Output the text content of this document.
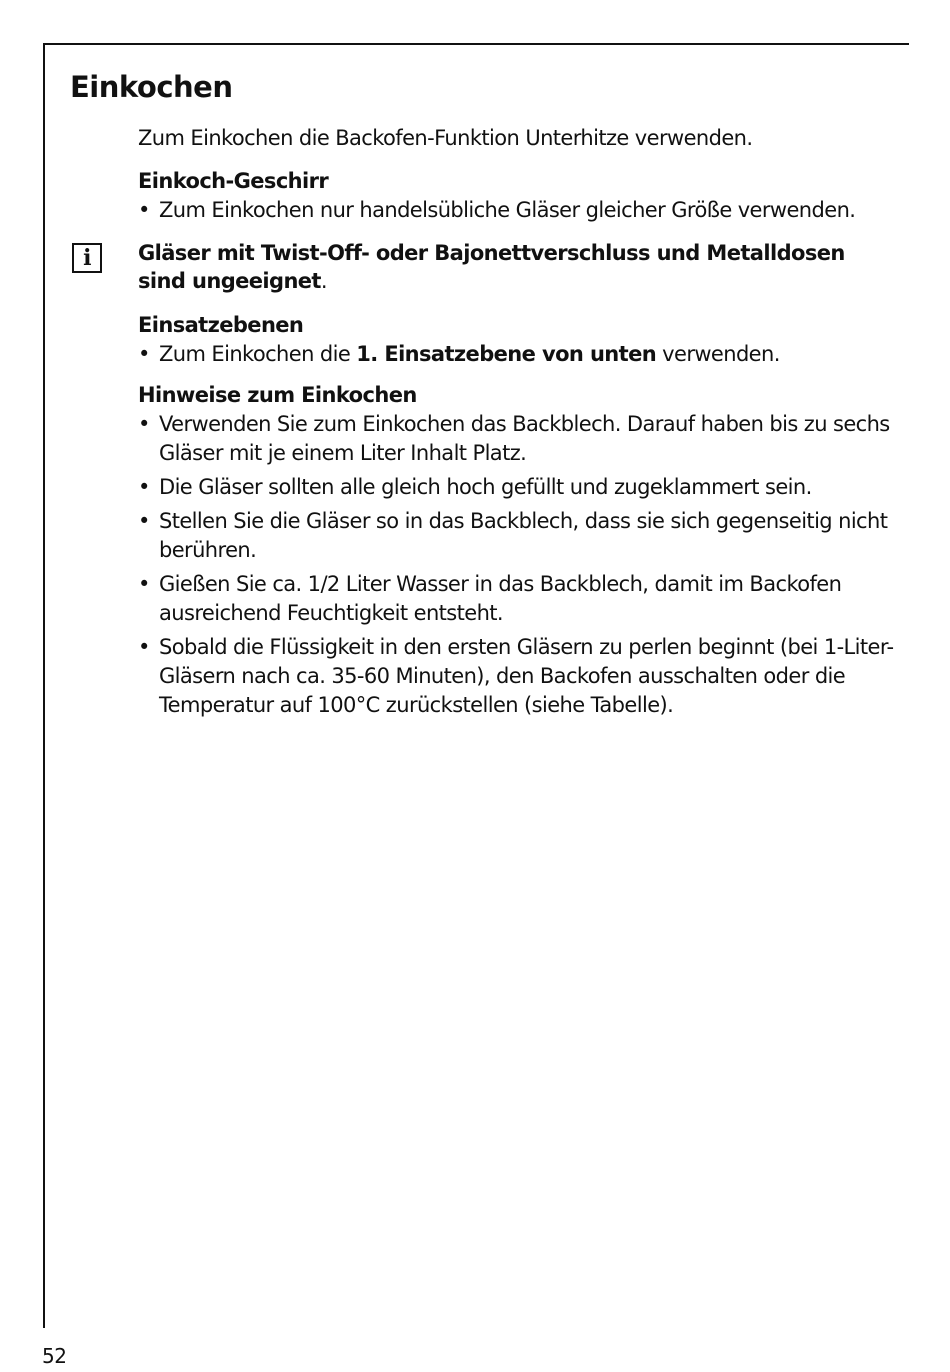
Einkochen

Zum Einkochen die Backofen-Funktion Unterhitze verwenden.

Einkoch-Geschirr

• Zum Einkochen nur handelsübliche Gläser gleicher Größe verwenden.

i	Gläser mit Twist-Off- oder Bajonettverschluss und Metalldosen sind ungeeignet.

Einsatzebenen

• Zum Einkochen die 1. Einsatzebene von unten verwenden.

Hinweise zum Einkochen

• Verwenden Sie zum Einkochen das Backblech. Darauf haben bis zu sechs Gläser mit je einem Liter Inhalt Platz.

• Die Gläser sollten alle gleich hoch gefüllt und zugeklammert sein.

• Stellen Sie die Gläser so in das Backblech, dass sie sich gegenseitig nicht berühren.

• Gießen Sie ca. 1/2 Liter Wasser in das Backblech, damit im Backofen ausreichend Feuchtigkeit entsteht.

• Sobald die Flüssigkeit in den ersten Gläsern zu perlen beginnt (bei 1-Liter-Gläsern nach ca. 35-60 Minuten), den Backofen ausschalten oder die Temperatur auf 100°C zurückstellen (siehe Tabelle).

52
